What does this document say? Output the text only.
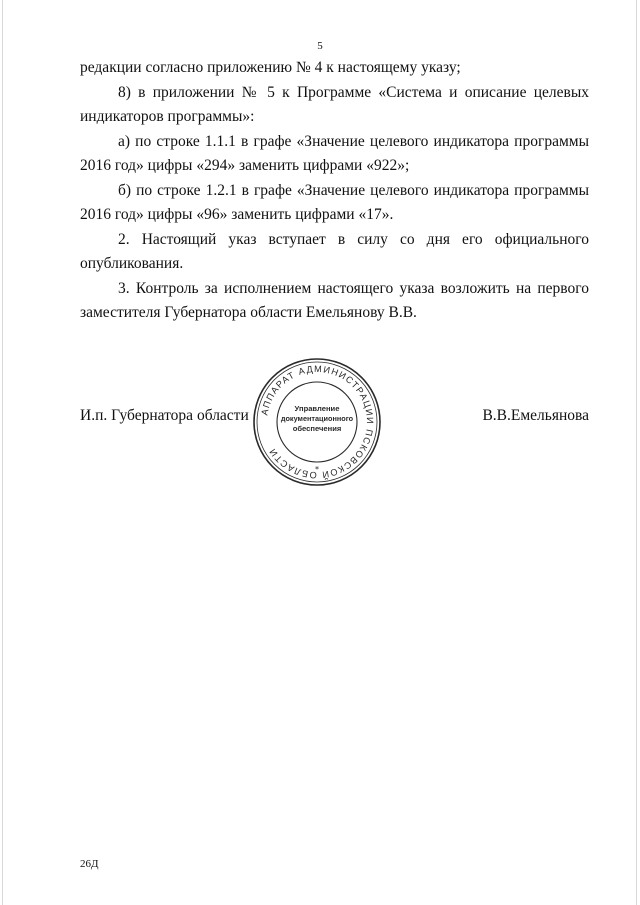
5

редакции согласно приложению № 4 к настоящему указу;

8) в приложении № 5 к Программе «Система и описание целевых индикаторов программы»:

а) по строке 1.1.1 в графе «Значение целевого индикатора программы 2016 год» цифры «294» заменить цифрами «922»;

б) по строке 1.2.1 в графе «Значение целевого индикатора программы 2016 год» цифры «96» заменить цифрами «17».

2. Настоящий указ вступает в силу со дня его официального опубликования.

3. Контроль за исполнением настоящего указа возложить на первого заместителя Губернатора области Емельянову В.В.

И.п. Губернатора области	В.В.Емельянова
АППАРАТ АДМИНИСТРАЦИИ ПСКОВСКОЙ ОБЛАСТИ
Управление
документационного
обеспечения
*
26Д
